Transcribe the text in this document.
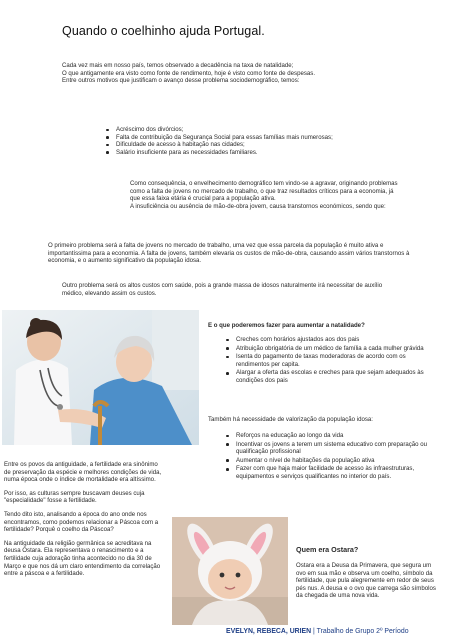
Quando o coelhinho ajuda Portugal.
Cada vez mais em nosso país, temos observado a decadência na taxa de natalidade;
O que antigamente era visto como fonte de rendimento, hoje é visto como fonte de despesas.
Entre outros motivos que justificam o avanço desse problema sociodemográfico, temos:
Acréscimo dos divórcios;
Falta de contribuição da Segurança Social para essas famílias mais numerosas;
Dificuldade de acesso à habitação nas cidades;
Salário insuficiente para as necessidades familiares.
Como consequência, o envelhecimento demográfico tem vindo-se a agravar, originando problemas como a falta de jovens no mercado de trabalho, o que traz resultados críticos para a economia, já que essa faixa etária é crucial para a população ativa.
A insuficiência ou ausência de mão-de-obra jovem, causa transtornos económicos, sendo que:
O primeiro problema será a falta de jovens no mercado de trabalho, uma vez que essa parcela da população é muito ativa e importantíssima para a economia. A falta de jovens, também elevaria os custos de mão-de-obra, causando assim vários transtornos à economia, e o aumento significativo da população idosa.
Outro problema será os altos custos com saúde, pois a grande massa de idosos naturalmente irá necessitar de auxílio médico, elevando assim os custos.
E o que poderemos fazer para aumentar a natalidade?
Creches com horários ajustados aos dos pais
Atribuição obrigatória de um médico de família a cada mulher grávida
Isenta do pagamento de taxas moderadoras de acordo com os rendimentos per capita.
Alargar a oferta das escolas e creches para que sejam adequados às condições dos pais
Também há necessidade de valorização da população idosa:
Reforços na educação ao longo da vida
Incentivar os jovens a terem um sistema educativo com preparação ou qualificação profissional
Aumentar o nível de habitações da população ativa
Fazer com que haja maior facilidade de acesso às infraestruturas, equipamentos e serviços qualificantes no interior do país.
Entre os povos da antiguidade, a fertilidade era sinônimo de preservação da espécie e melhores condições de vida, numa época onde o índice de mortalidade era altíssimo.
Por isso, as culturas sempre buscavam deuses cuja "especialidade" fosse a fertilidade.
Tendo dito isto, analisando a época do ano onde nos encontramos, como podemos relacionar a Páscoa com a fertilidade? Porquê o coelho da Páscoa?
Na antiguidade da religião germânica se acreditava na deusa Ostara. Ela representava o renascimento e a fertilidade cuja adoração tinha acontecido no dia 30 de Março e que nos dá um claro entendimento da correlação entre a páscoa e a fertilidade.
Quem era Ostara?
Ostara era a Deusa da Primavera, que segura um ovo em sua mão e observa um coelho, símbolo da fertilidade, que pula alegremente em redor de seus pés nus. A deusa e o ovo que carrega são símbolos da chegada de uma nova vida.
EVELYN, REBECA, URIEN | Trabalho de Grupo 2º Período
